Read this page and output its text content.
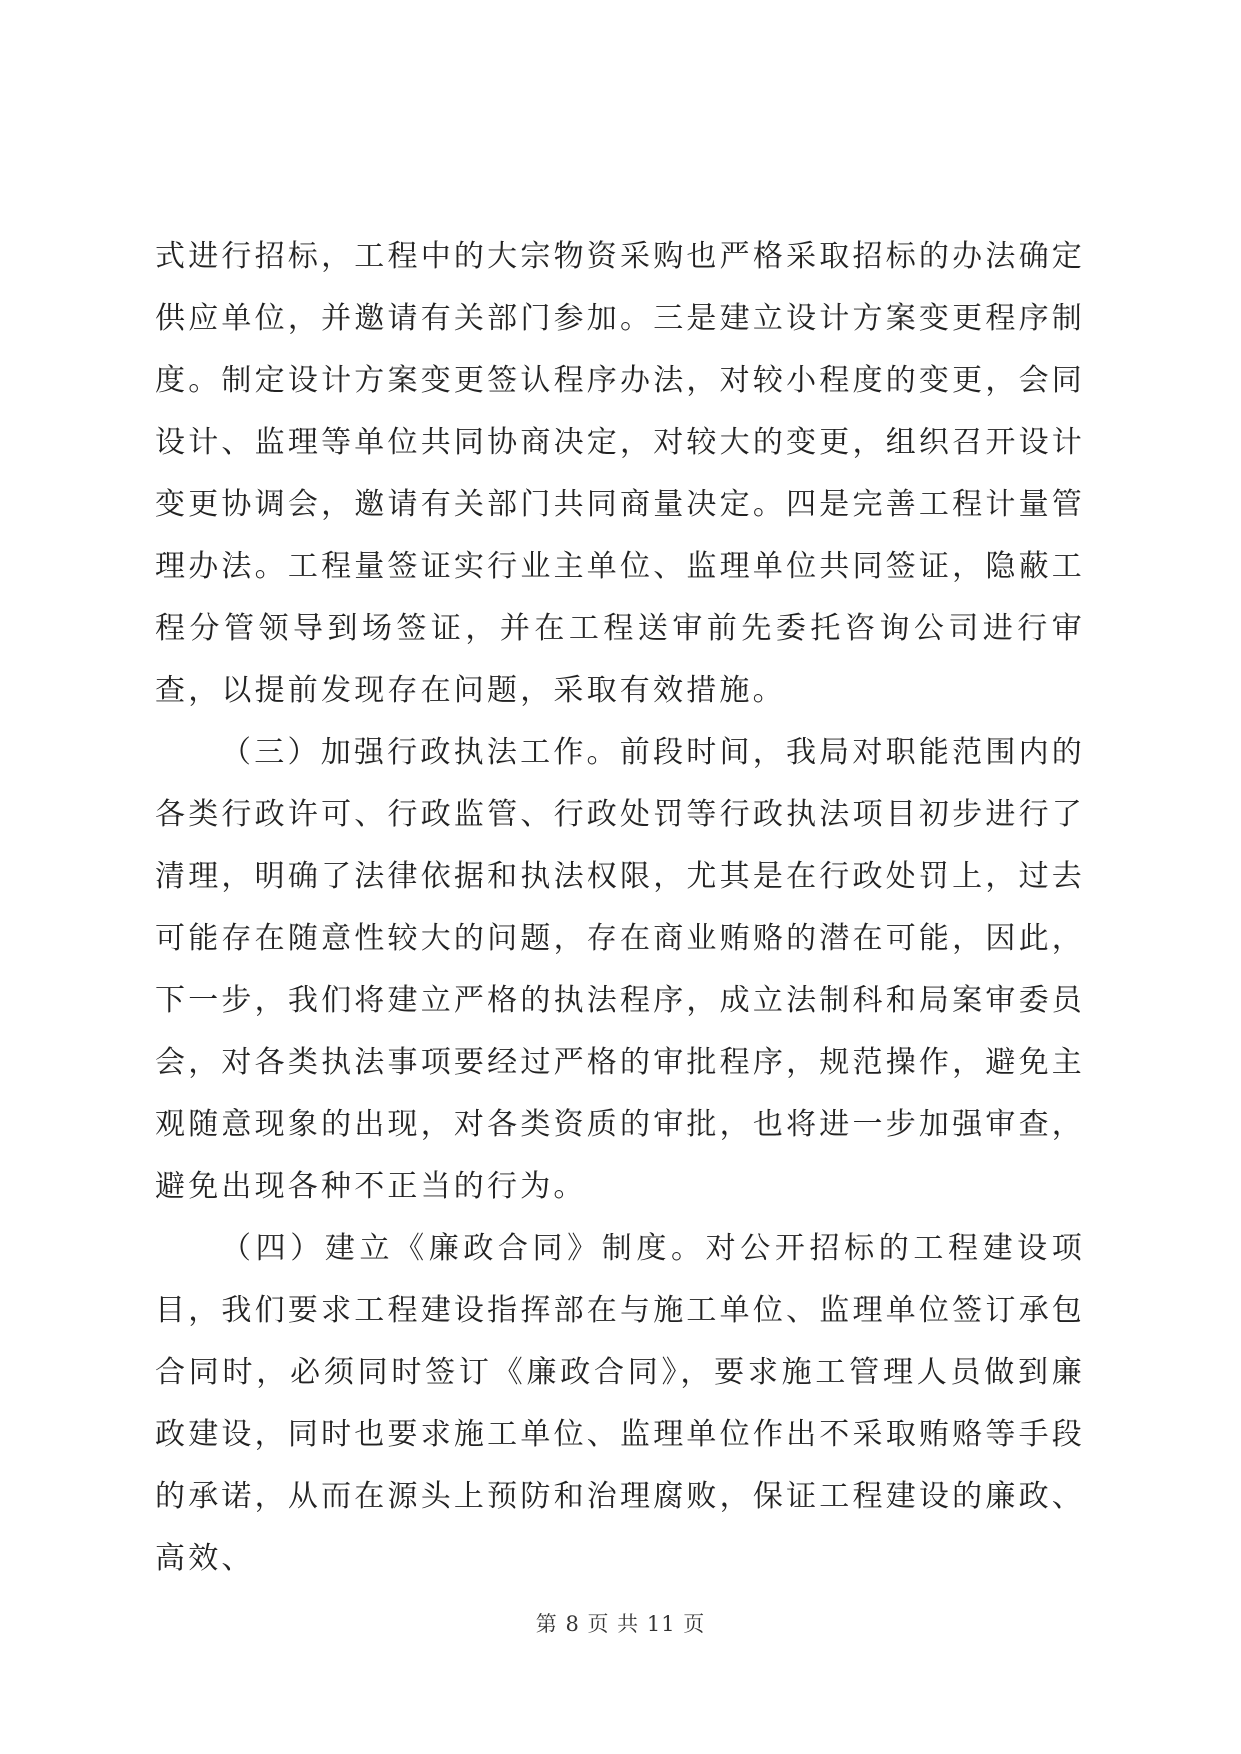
式进行招标，工程中的大宗物资采购也严格采取招标的办法确定供应单位，并邀请有关部门参加。三是建立设计方案变更程序制度。制定设计方案变更签认程序办法，对较小程度的变更，会同设计、监理等单位共同协商决定，对较大的变更，组织召开设计变更协调会，邀请有关部门共同商量决定。四是完善工程计量管理办法。工程量签证实行业主单位、监理单位共同签证，隐蔽工程分管领导到场签证，并在工程送审前先委托咨询公司进行审查，以提前发现存在问题，采取有效措施。

（三）加强行政执法工作。前段时间，我局对职能范围内的各类行政许可、行政监管、行政处罚等行政执法项目初步进行了清理，明确了法律依据和执法权限，尤其是在行政处罚上，过去可能存在随意性较大的问题，存在商业贿赂的潜在可能，因此，下一步，我们将建立严格的执法程序，成立法制科和局案审委员会，对各类执法事项要经过严格的审批程序，规范操作，避免主观随意现象的出现，对各类资质的审批，也将进一步加强审查，避免出现各种不正当的行为。

（四）建立《廉政合同》制度。对公开招标的工程建设项目，我们要求工程建设指挥部在与施工单位、监理单位签订承包合同时，必须同时签订《廉政合同》，要求施工管理人员做到廉政建设，同时也要求施工单位、监理单位作出不采取贿赂等手段的承诺，从而在源头上预防和治理腐败，保证工程建设的廉政、高效、

第 8 页 共 11 页
